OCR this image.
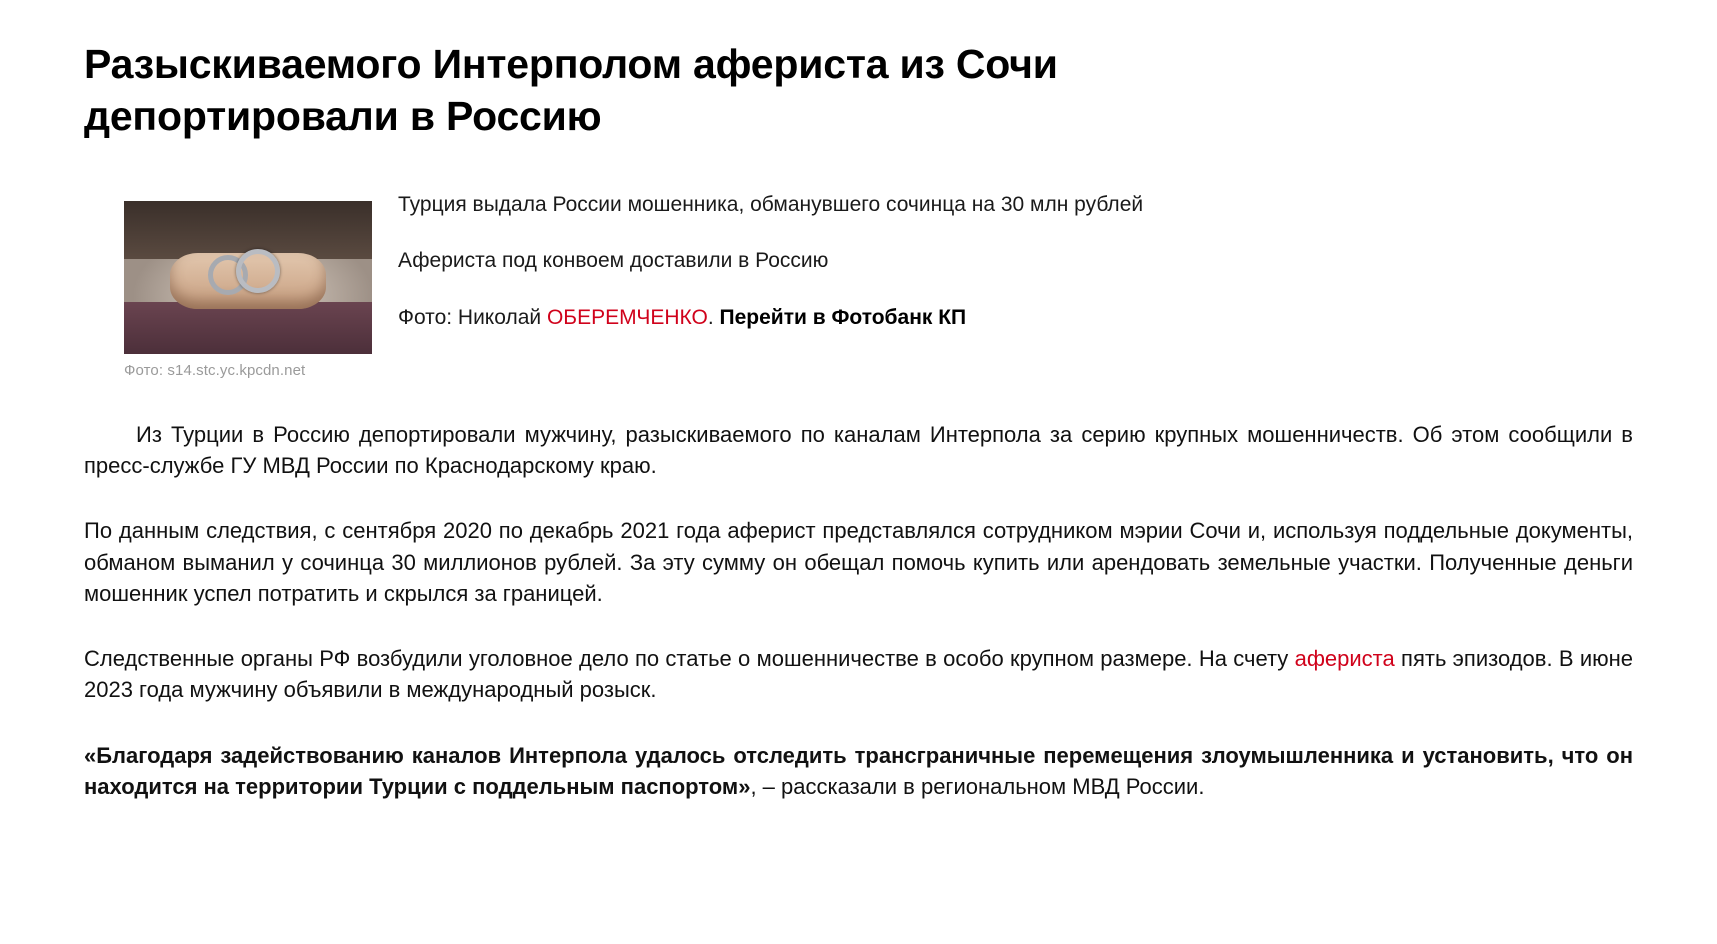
Разыскиваемого Интерполом афериста из Сочи депортировали в Россию
Фото: s14.stc.yc.kpcdn.net

Турция выдала России мошенника, обманувшего сочинца на 30 млн рублей

Афериста под конвоем доставили в Россию

Фото: Николай ОБЕРЕМЧЕНКО. Перейти в Фотобанк КП

Из Турции в Россию депортировали мужчину, разыскиваемого по каналам Интерпола за серию крупных мошенничеств. Об этом сообщили в пресс-службе ГУ МВД России по Краснодарскому краю.

По данным следствия, с сентября 2020 по декабрь 2021 года аферист представлялся сотрудником мэрии Сочи и, используя поддельные документы, обманом выманил у сочинца 30 миллионов рублей. За эту сумму он обещал помочь купить или арендовать земельные участки. Полученные деньги мошенник успел потратить и скрылся за границей.

Следственные органы РФ возбудили уголовное дело по статье о мошенничестве в особо крупном размере. На счету афериста пять эпизодов. В июне 2023 года мужчину объявили в международный розыск.

«Благодаря задействованию каналов Интерпола удалось отследить трансграничные перемещения злоумышленника и установить, что он находится на территории Турции с поддельным паспортом», – рассказали в региональном МВД России.
